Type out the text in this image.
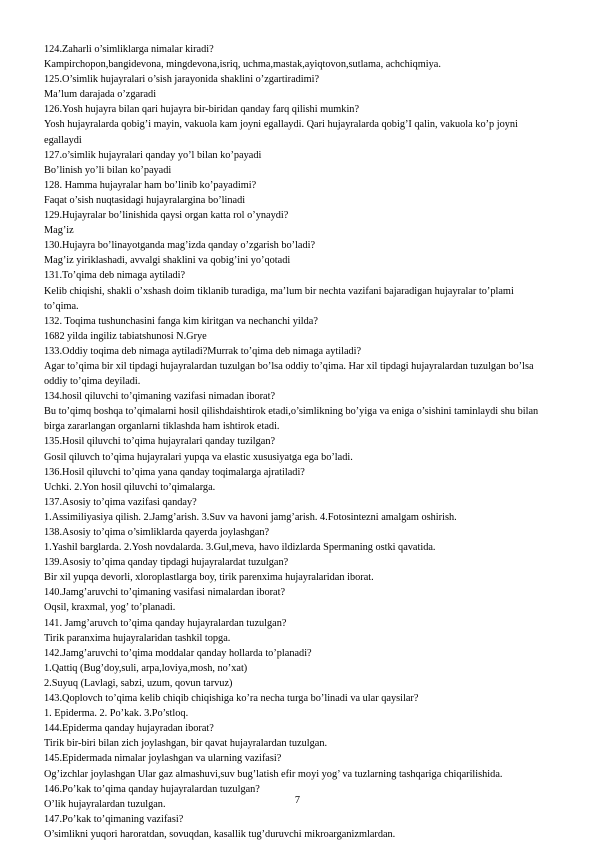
124.Zaharli o’simliklarga nimalar kiradi?

Kampirchopon,bangidevona, mingdevona,isriq, uchma,mastak,ayiqtovon,sutlama, achchiqmiya.

125.O’simlik hujayralari o’sish jarayonida shaklini o’zgartiradimi?

Ma’lum darajada o’zgaradi

126.Yosh hujayra bilan qari hujayra bir-biridan qanday farq qilishi mumkin?

Yosh hujayralarda qobig’i mayin, vakuola kam joyni egallaydi. Qari hujayralarda qobig’I qalin, vakuola ko’p joyni egallaydi

127.o’simlik hujayralari qanday yo’l bilan ko’payadi

Bo’linish yo’li bilan ko’payadi

128. Hamma hujayralar ham bo’linib ko’payadimi?

Faqat o’sish nuqtasidagi hujayralargina bo’linadi

129.Hujayralar bo’linishida qaysi organ katta rol o’ynaydi?

Mag’iz

130.Hujayra bo’linayotganda mag’izda qanday o’zgarish bo’ladi?

Mag’iz yiriklashadi, avvalgi shaklini va qobig’ini yo’qotadi

131.To’qima deb nimaga aytiladi?

Kelib chiqishi, shakli o’xshash doim tiklanib turadiga, ma’lum bir nechta vazifani bajaradigan hujayralar to’plami to’qima.

132. Toqima tushunchasini fanga kim kiritgan va nechanchi yilda?

1682 yilda ingiliz tabiatshunosi N.Grye

133.Oddiy toqima deb nimaga aytiladi?Murrak to’qima deb nimaga aytiladi?

Agar to’qima bir xil tipdagi hujayralardan tuzulgan bo’lsa oddiy to’qima. Har xil tipdagi hujayralardan tuzulgan bo’lsa oddiy to’qima deyiladi.

134.hosil qiluvchi to’qimaning vazifasi nimadan iborat?

Bu to’qimq boshqa to’qimalarni hosil qilishdaishtirok etadi,o’simlikning bo’yiga va eniga o’sishini taminlaydi shu bilan birga zararlangan organlarni tiklashda ham ishtirok etadi.

135.Hosil qiluvchi to’qima hujayralari qanday tuzilgan?

Gosil qiluvch to’qima hujayralari yupqa va elastic xususiyatga ega bo’ladi.

136.Hosil qiluvchi to’qima yana qanday toqimalarga ajratiladi?

Uchki. 2.Yon hosil qiluvchi to’qimalarga.

137.Asosiy to’qima vazifasi qanday?

1.Assimiliyasiya qilish. 2.Jamg’arish. 3.Suv va havoni jamg’arish. 4.Fotosintezni amalgam oshirish.

138.Asosiy to’qima o’simliklarda qayerda joylashgan?

1.Yashil barglarda. 2.Yosh novdalarda. 3.Gul,meva, havo ildizlarda Spermaning ostki qavatida.

139.Asosiy to’qima qanday tipdagi hujayralardat tuzulgan?

Bir xil yupqa devorli, xloroplastlarga boy, tirik parenxima hujayralaridan iborat.

140.Jamg’aruvchi to’qimaning vasifasi nimalardan iborat?

Oqsil, kraxmal, yog’ to’planadi.

141. Jamg’aruvch to’qima qanday hujayralardan tuzulgan?

Tirik paranxima hujayralaridan tashkil topga.

142.Jamg’aruvchi to’qima moddalar qanday hollarda to’planadi?

1.Qattiq (Bug’doy,suli, arpa,loviya,mosh, no’xat)

2.Suyuq (Lavlagi, sabzi, uzum, qovun tarvuz)

143.Qoplovch to’qima kelib chiqib chiqishiga ko’ra necha turga bo’linadi va ular qaysilar?

1. Epiderma. 2. Po’kak. 3.Po’stloq.

144.Epiderma qanday hujayradan iborat?

Tirik bir-biri bilan zich joylashgan, bir qavat hujayralardan tuzulgan.

145.Epidermada nimalar joylashgan va ularning vazifasi?

Og’izchlar joylashgan Ular gaz almashuvi,suv bug’latish efir moyi yog’ va tuzlarning tashqariga chiqarilishida.

146.Po’kak to’qima qanday hujayralardan tuzulgan?

O’lik hujayralardan tuzulgan.

147.Po’kak to’qimaning vazifasi?

O’simlikni yuqori haroratdan, sovuqdan, kasallik tug’duruvchi mikroarganizmlardan.

7
